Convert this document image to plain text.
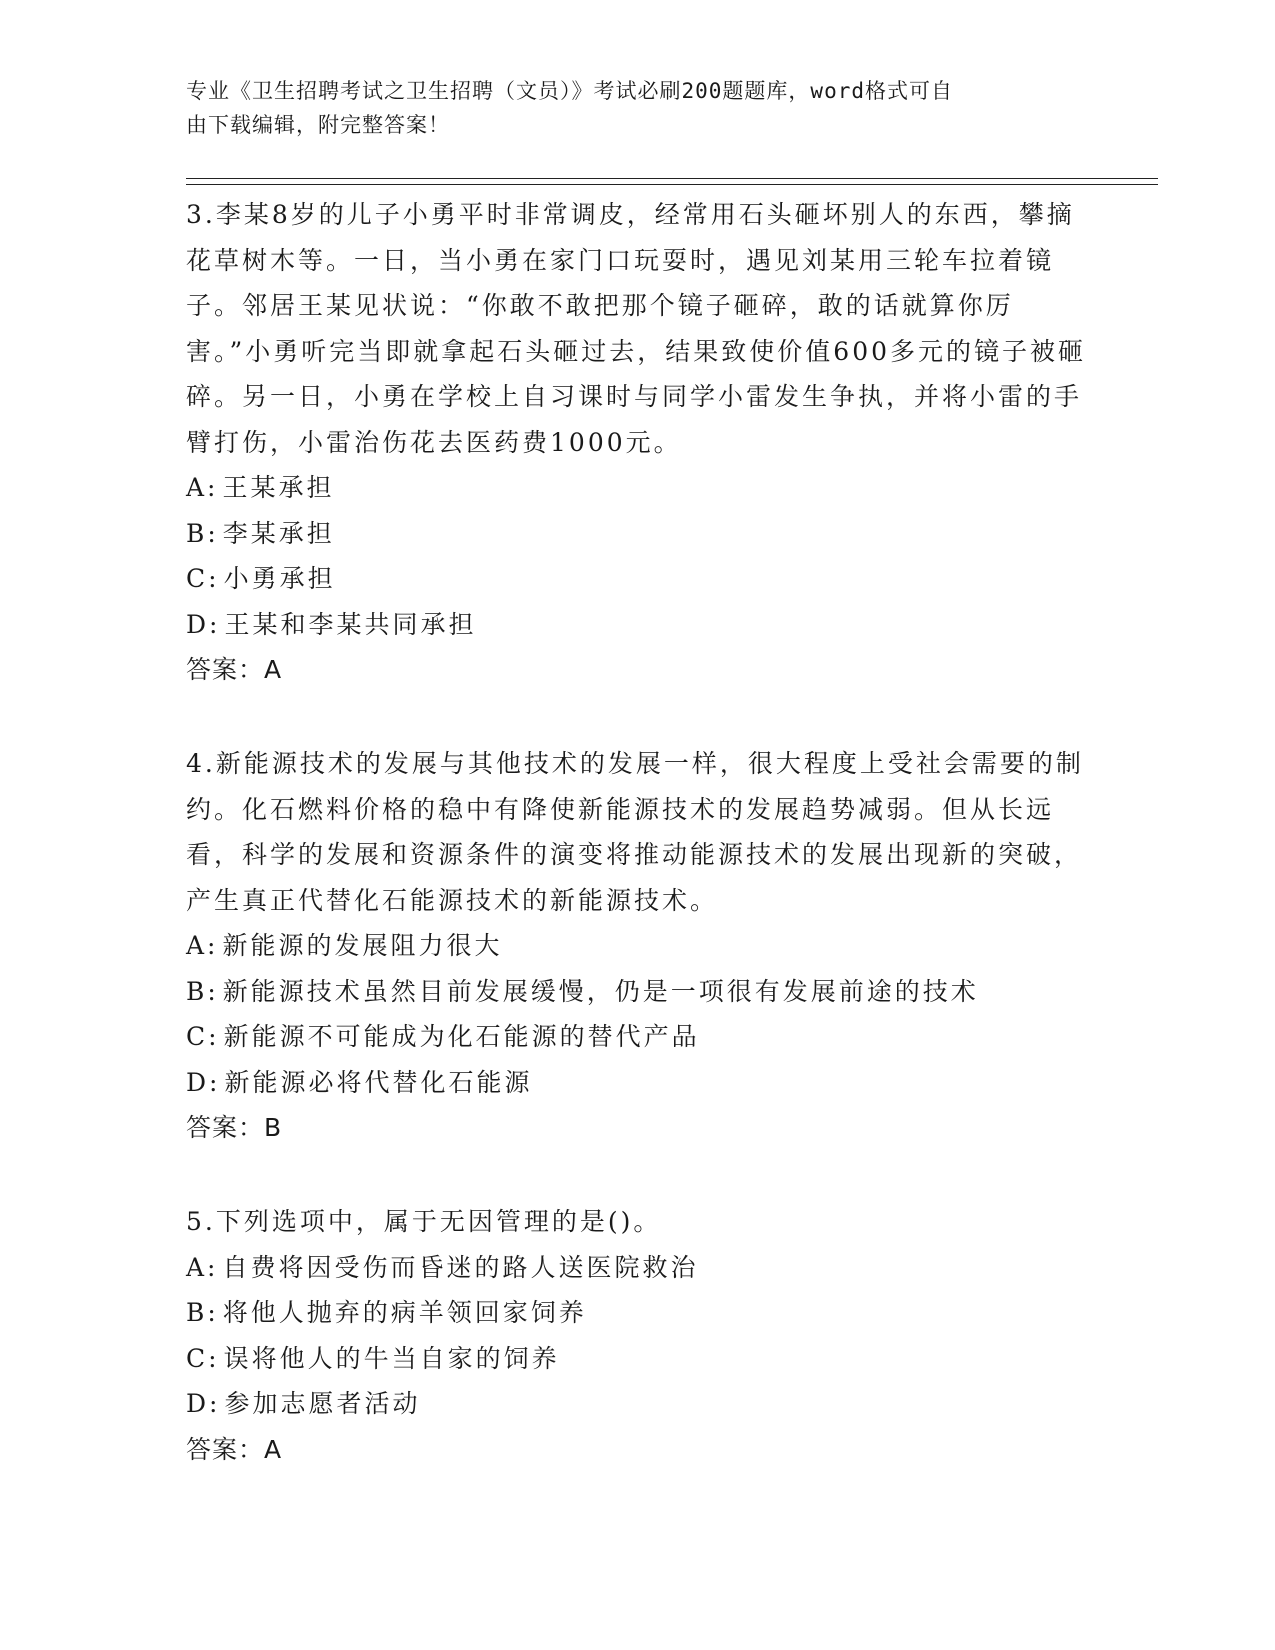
专业《卫生招聘考试之卫生招聘（文员）》考试必刷200题题库，word格式可自
由下载编辑，附完整答案！

3.李某8岁的儿子小勇平时非常调皮，经常用石头砸坏别人的东西，攀摘花草树木等。一日，当小勇在家门口玩耍时，遇见刘某用三轮车拉着镜子。邻居王某见状说：“你敢不敢把那个镜子砸碎，敢的话就算你厉害。”小勇听完当即就拿起石头砸过去，结果致使价值600多元的镜子被砸碎。另一日，小勇在学校上自习课时与同学小雷发生争执，并将小雷的手臂打伤，小雷治伤花去医药费1000元。

A: 王某承担
B: 李某承担
C: 小勇承担
D: 王某和李某共同承担
答案：A

4.新能源技术的发展与其他技术的发展一样，很大程度上受社会需要的制约。化石燃料价格的稳中有降使新能源技术的发展趋势减弱。但从长远看，科学的发展和资源条件的演变将推动能源技术的发展出现新的突破，产生真正代替化石能源技术的新能源技术。

A: 新能源的发展阻力很大
B: 新能源技术虽然目前发展缓慢，仍是一项很有发展前途的技术
C: 新能源不可能成为化石能源的替代产品
D: 新能源必将代替化石能源
答案：B

5.下列选项中，属于无因管理的是()。

A: 自费将因受伤而昏迷的路人送医院救治
B: 将他人抛弃的病羊领回家饲养
C: 误将他人的牛当自家的饲养
D: 参加志愿者活动
答案：A
